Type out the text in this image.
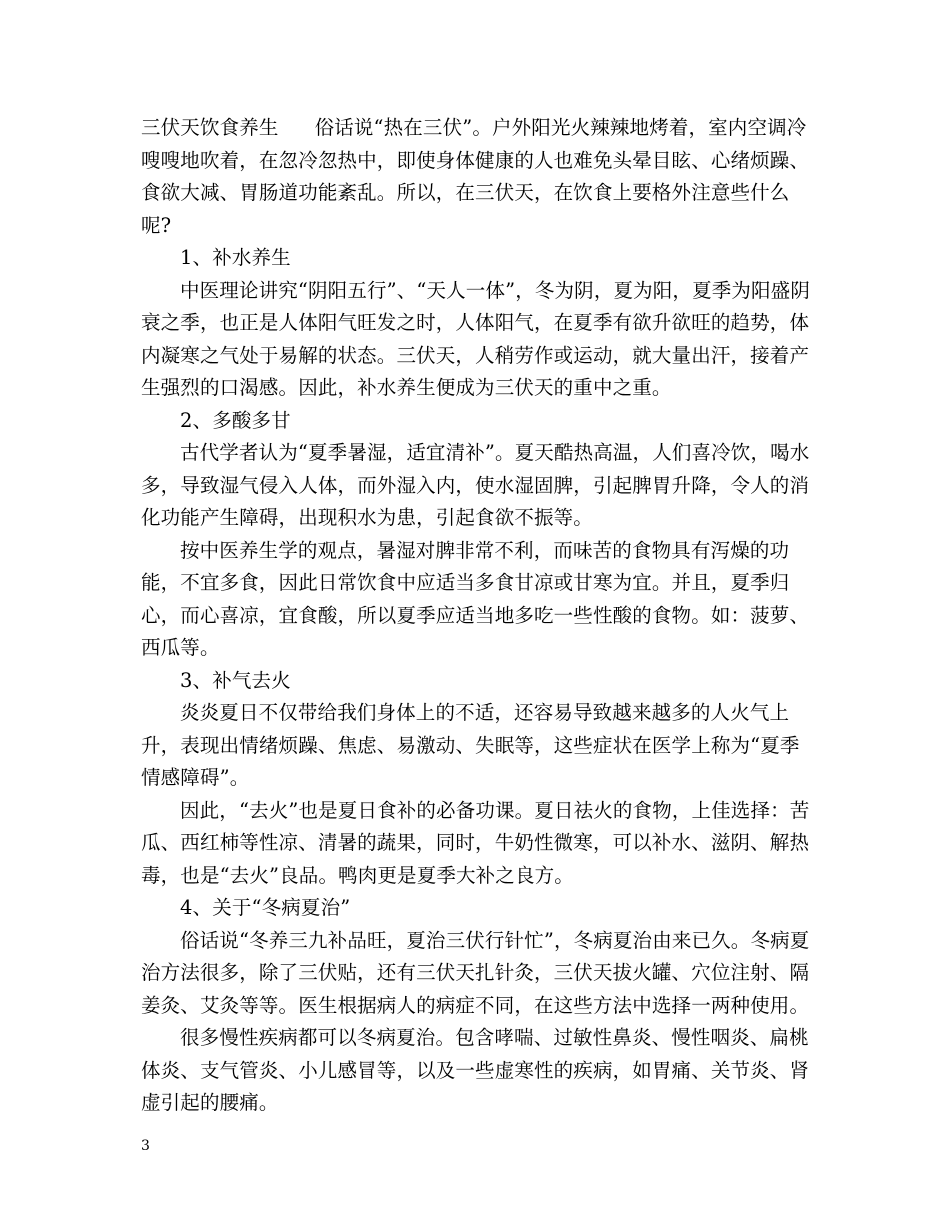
三伏天饮食养生 俗话说“热在三伏”。户外阳光火辣辣地烤着，室内空调冷嗖嗖地吹着，在忽冷忽热中，即使身体健康的人也难免头晕目眩、心绪烦躁、食欲大减、胃肠道功能紊乱。所以，在三伏天，在饮食上要格外注意些什么呢?

1、补水养生

中医理论讲究“阴阳五行”、“天人一体”，冬为阴，夏为阳，夏季为阳盛阴衰之季，也正是人体阳气旺发之时，人体阳气，在夏季有欲升欲旺的趋势，体内凝寒之气处于易解的状态。三伏天，人稍劳作或运动，就大量出汗，接着产生强烈的口渴感。因此，补水养生便成为三伏天的重中之重。

2、多酸多甘

古代学者认为“夏季暑湿，适宜清补”。夏天酷热高温，人们喜冷饮，喝水多，导致湿气侵入人体，而外湿入内，使水湿固脾，引起脾胃升降，令人的消化功能产生障碍，出现积水为患，引起食欲不振等。

按中医养生学的观点，暑湿对脾非常不利，而味苦的食物具有泻燥的功能，不宜多食，因此日常饮食中应适当多食甘凉或甘寒为宜。并且，夏季归心，而心喜凉，宜食酸，所以夏季应适当地多吃一些性酸的食物。如：菠萝、西瓜等。

3、补气去火

炎炎夏日不仅带给我们身体上的不适，还容易导致越来越多的人火气上升，表现出情绪烦躁、焦虑、易激动、失眠等，这些症状在医学上称为“夏季情感障碍”。

因此，“去火”也是夏日食补的必备功课。夏日祛火的食物，上佳选择：苦瓜、西红柿等性凉、清暑的蔬果，同时，牛奶性微寒，可以补水、滋阴、解热毒，也是“去火”良品。鸭肉更是夏季大补之良方。

4、关于“冬病夏治”

俗话说“冬养三九补品旺，夏治三伏行针忙”，冬病夏治由来已久。冬病夏治方法很多，除了三伏贴，还有三伏天扎针灸，三伏天拔火罐、穴位注射、隔姜灸、艾灸等等。医生根据病人的病症不同，在这些方法中选择一两种使用。

很多慢性疾病都可以冬病夏治。包含哮喘、过敏性鼻炎、慢性咽炎、扁桃体炎、支气管炎、小儿感冒等，以及一些虚寒性的疾病，如胃痛、关节炎、肾虚引起的腰痛。

3
